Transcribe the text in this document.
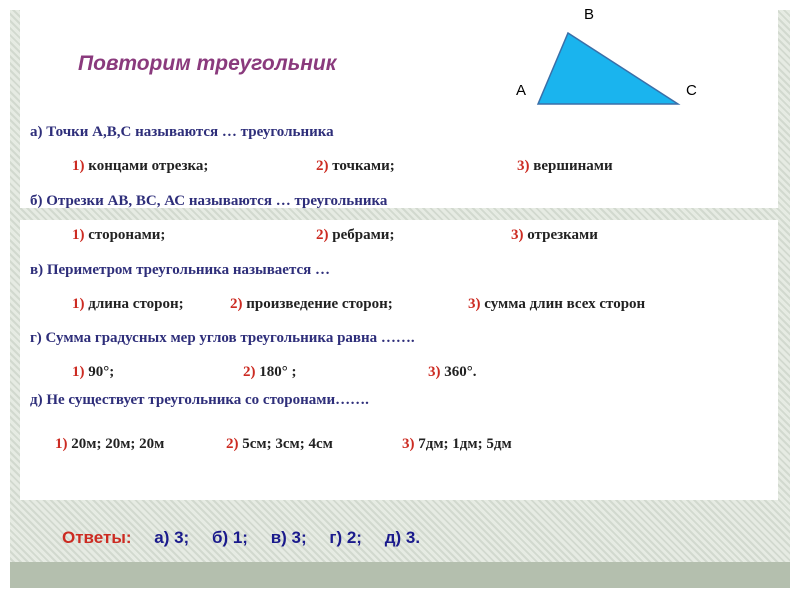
Повторим треугольник
B
A	C
а) Точки А,В,С называются … треугольника
1) концами отрезка;	2) точками;	3) вершинами
б) Отрезки АВ, ВС, АС называются … треугольника
1) сторонами;	2) ребрами;	3) отрезками
в) Периметром треугольника называется …
1) длина сторон;	2) произведение сторон;	3) сумма длин всех сторон
г) Сумма градусных мер углов треугольника равна …….
1) 90°;	2) 180° ;	3) 360°.
д) Не существует треугольника со сторонами…….
1) 20м; 20м; 20м	2) 5см; 3см; 4см	3) 7дм; 1дм; 5дм
Ответы: а) 3; б) 1; в) 3; г) 2; д) 3.
